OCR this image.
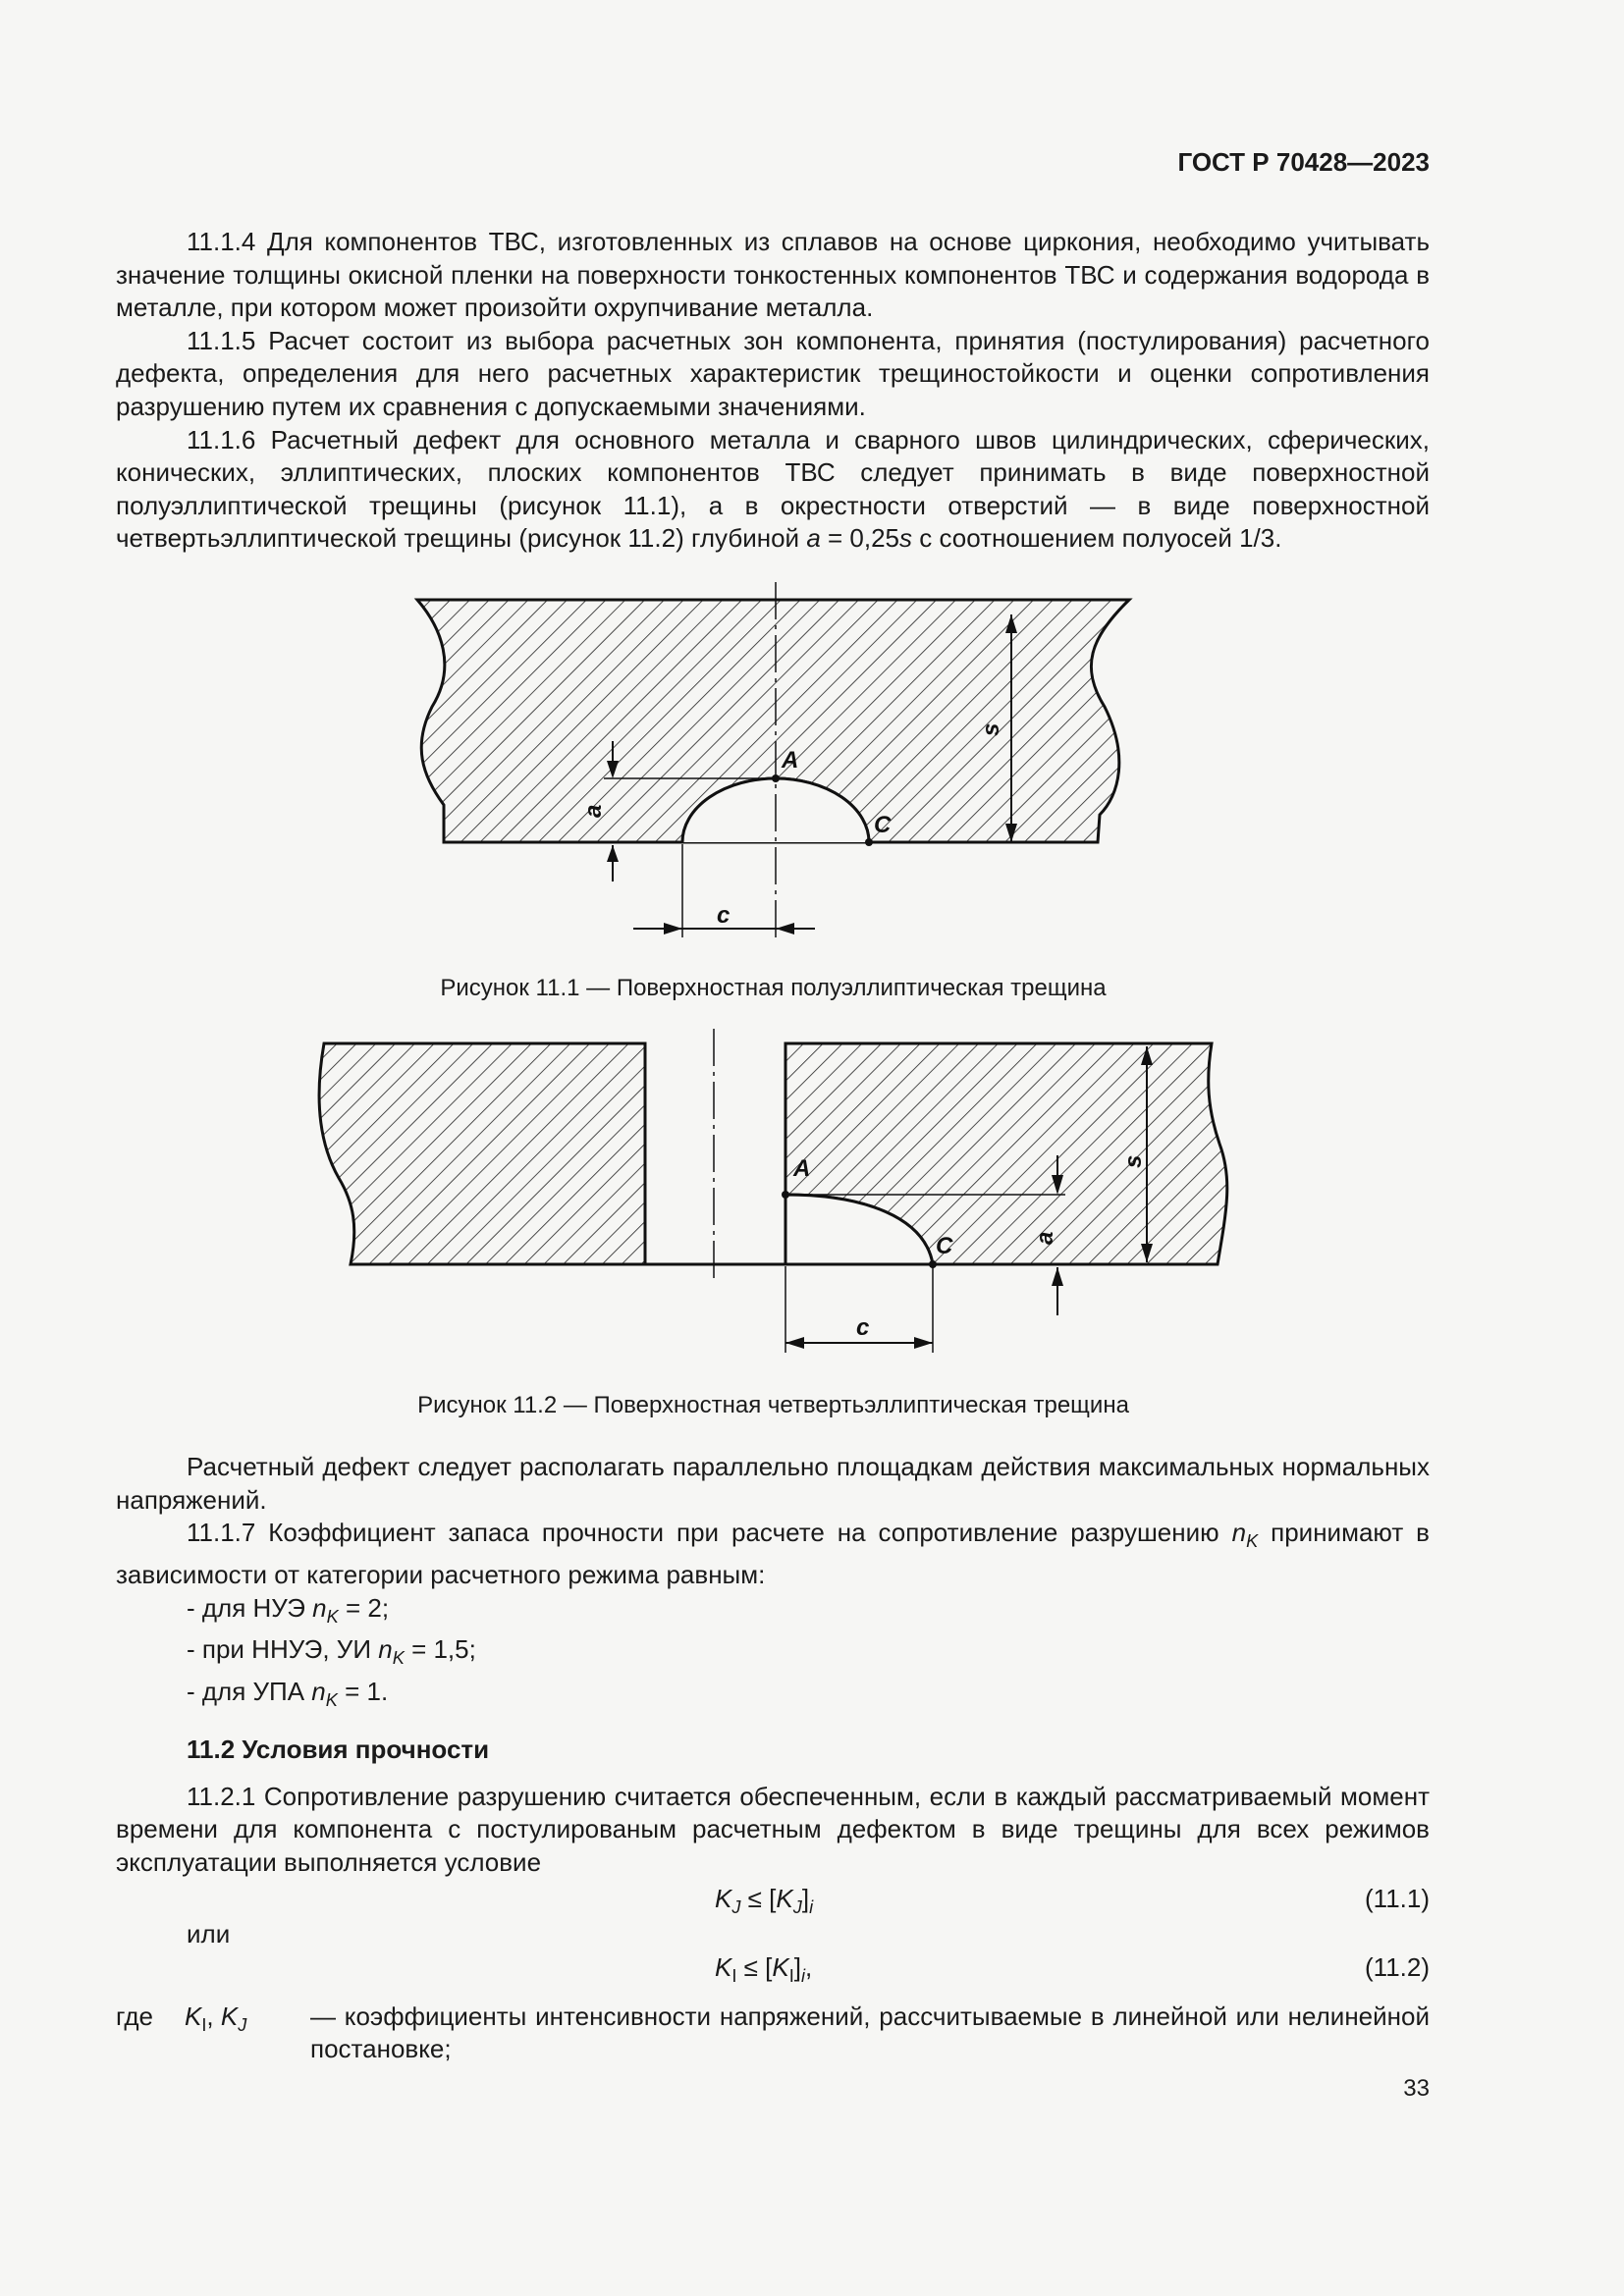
ГОСТ Р 70428—2023

11.1.4 Для компонентов ТВС, изготовленных из сплавов на основе циркония, необходимо учитывать значение толщины окисной пленки на поверхности тонкостенных компонентов ТВС и содержания водорода в металле, при котором может произойти охрупчивание металла.

11.1.5 Расчет состоит из выбора расчетных зон компонента, принятия (постулирования) расчетного дефекта, определения для него расчетных характеристик трещиностойкости и оценки сопротивления разрушению путем их сравнения с допускаемыми значениями.

11.1.6 Расчетный дефект для основного металла и сварного швов цилиндрических, сферических, конических, эллиптических, плоских компонентов ТВС следует принимать в виде поверхностной полуэллиптической трещины (рисунок 11.1), а в окрестности отверстий — в виде поверхностной четвертьэллиптической трещины (рисунок 11.2) глубиной a = 0,25s с соотношением полуосей 1/3.

A
C
a
s
c
Рисунок 11.1 — Поверхностная полуэллиптическая трещина
A
C	a
s
c
Рисунок 11.2 — Поверхностная четвертьэллиптическая трещина

Расчетный дефект следует располагать параллельно площадкам действия максимальных нормальных напряжений.

11.1.7 Коэффициент запаса прочности при расчете на сопротивление разрушению $n_K$ принимают в зависимости от категории расчетного режима равным:

- для НУЭ $n_K = 2$;
- при ННУЭ, УИ $n_K = 1,5$;
- для УПА $n_K = 1$.
11.2 Условия прочности

11.2.1 Сопротивление разрушению считается обеспеченным, если в каждый рассматриваемый момент времени для компонента с постулированым расчетным дефектом в виде трещины для всех режимов эксплуатации выполняется условие

$K_J \le [K_J]_i$	(11.1)
или
$K_I \le [K_I]_i$,	(11.2)
где	$K_I$, $K_J$	— коэффициенты интенсивности напряжений, рассчитываемые в линейной или нелинейной постановке;
33
